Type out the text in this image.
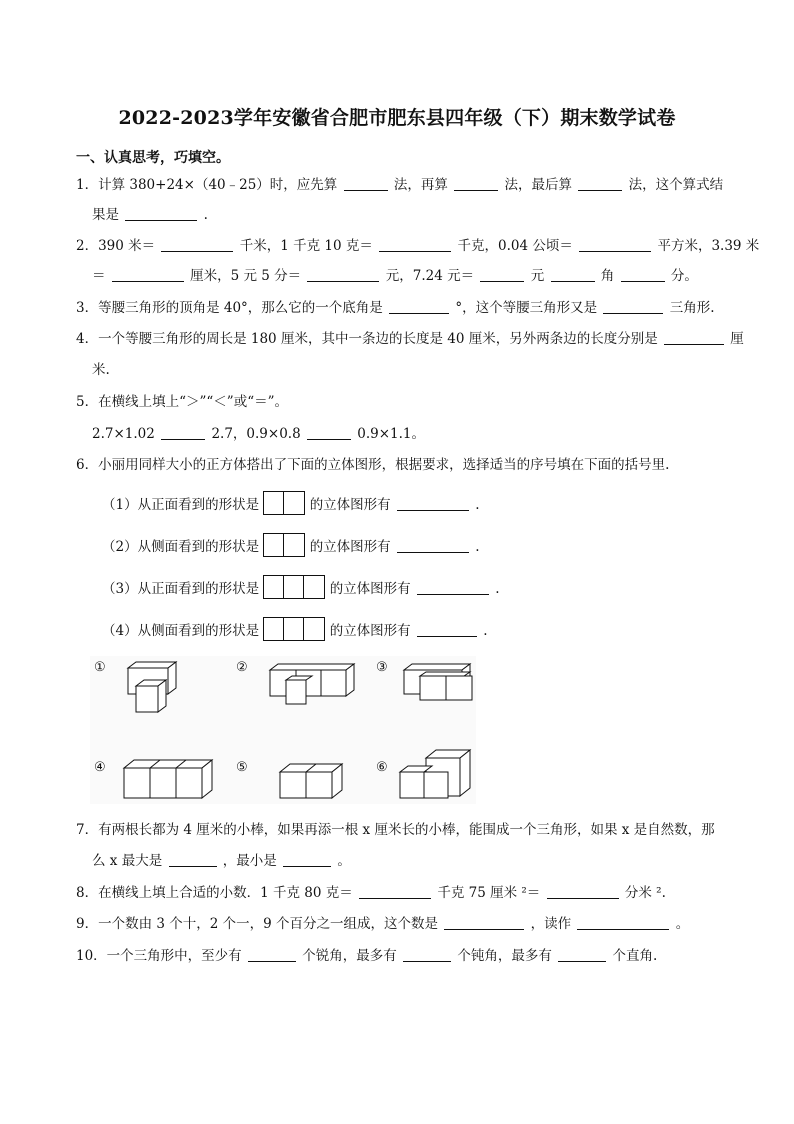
2022-2023学年安徽省合肥市肥东县四年级（下）期末数学试卷
一、认真思考，巧填空。
1．计算 380+24×（40﹣25）时，应先算	法，再算	法，最后算	法，这个算式结
果是	.
2．390 米＝	千米，1 千克 10 克＝	千克，0.04 公顷＝	平方米，3.39 米
＝	厘米，5 元 5 分＝	元，7.24 元＝	元	角	分。
3．等腰三角形的顶角是 40°，那么它的一个底角是	°，这个等腰三角形又是	三角形.
4．一个等腰三角形的周长是 180 厘米，其中一条边的长度是 40 厘米，另外两条边的长度分别是	厘
米.
5．在横线上填上“＞”“＜”或“＝”。
2.7×1.02	2.7，0.9×0.8	0.9×1.1。
6．小丽用同样大小的正方体搭出了下面的立体图形，根据要求，选择适当的序号填在下面的括号里.
（1）从正面看到的形状是	的立体图形有	.
（2）从侧面看到的形状是	的立体图形有	.
（3）从正面看到的形状是	的立体图形有	.
（4）从侧面看到的形状是	的立体图形有	.
①	②	③
④	⑤	⑥
7．有两根长都为 4 厘米的小棒，如果再添一根 x 厘米长的小棒，能围成一个三角形，如果 x 是自然数，那
么 x 最大是	，最小是	。
8．在横线上填上合适的小数．1 千克 80 克＝	千克 75 厘米 ²＝	分米 ².
9．一个数由 3 个十，2 个一，9 个百分之一组成，这个数是	，读作	。
10．一个三角形中，至少有	个锐角，最多有	个钝角，最多有	个直角.
